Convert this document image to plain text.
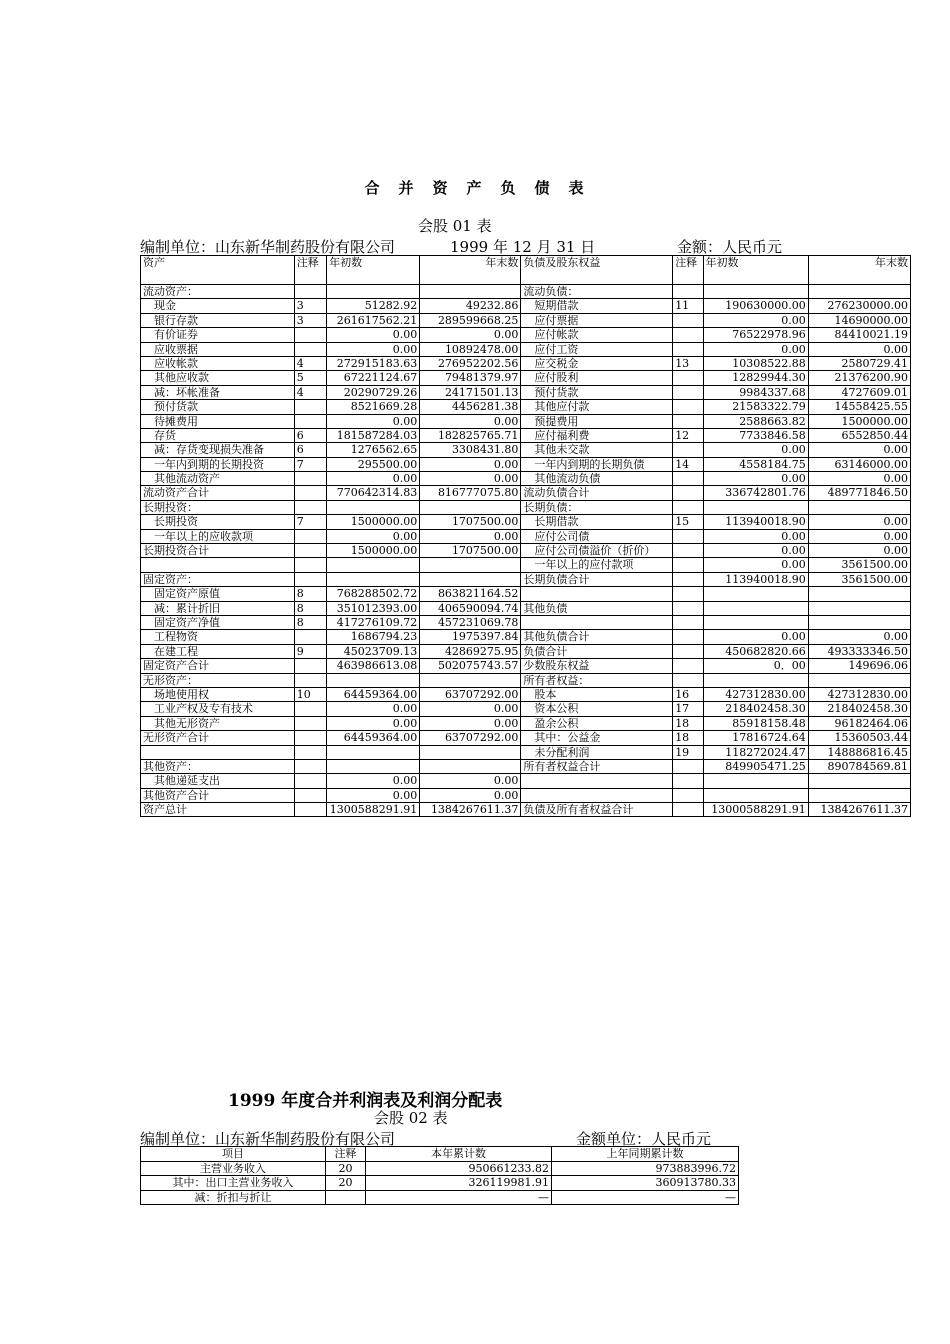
合　并　资　产　负　债　表
会股 01 表
编制单位：山东新华制药股份有限公司	1999 年 12 月 31 日	金额：人民币元
资产	注释	年初数	年末数	负债及股东权益	注释	年初数	年末数
流动资产：				流动负债：			
　现金	3	51282.92	49232.86	　短期借款	11	190630000.00	276230000.00
　银行存款	3	261617562.21	289599668.25	　应付票据		0.00	14690000.00
　有价证券		0.00	0.00	　应付帐款		76522978.96	84410021.19
　应收票据		0.00	10892478.00	　应付工资		0.00	0.00
　应收帐款	4	272915183.63	276952202.56	　应交税金	13	10308522.88	2580729.41
　其他应收款	5	67221124.67	79481379.97	　应付股利		12829944.30	21376200.90
　减：坏帐准备	4	20290729.26	24171501.13	　预付货款		9984337.68	4727609.01
　预付货款		8521669.28	4456281.38	　其他应付款		21583322.79	14558425.55
　待摊费用		0.00	0.00	　预提费用		2588663.82	1500000.00
　存货	6	181587284.03	182825765.71	　应付福利费	12	7733846.58	6552850.44
　减：存货变现损失准备	6	1276562.65	3308431.80	　其他未交款		0.00	0.00
　一年内到期的长期投资	7	295500.00	0.00	　一年内到期的长期负债	14	4558184.75	63146000.00
　其他流动资产		0.00	0.00	　其他流动负债		0.00	0.00
流动资产合计		770642314.83	816777075.80	流动负债合计		336742801.76	489771846.50
长期投资：				长期负债：			
　长期投资	7	1500000.00	1707500.00	　长期借款	15	113940018.90	0.00
　一年以上的应收款项		0.00	0.00	　应付公司债		0.00	0.00
长期投资合计		1500000.00	1707500.00	　应付公司债溢价（折价）		0.00	0.00
				　一年以上的应付款项		0.00	3561500.00
固定资产：				长期负债合计		113940018.90	3561500.00
　固定资产原值	8	768288502.72	863821164.52				
　减：累计折旧	8	351012393.00	406590094.74	其他负债			
　固定资产净值	8	417276109.72	457231069.78				
　工程物资		1686794.23	1975397.84	其他负债合计		0.00	0.00
　在建工程	9	45023709.13	42869275.95	负债合计		450682820.66	493333346.50
固定资产合计		463986613.08	502075743.57	少数股东权益		0．00	149696.06
无形资产：				所有者权益：			
　场地使用权	10	64459364.00	63707292.00	　股本	16	427312830.00	427312830.00
　工业产权及专有技术		0.00	0.00	　资本公积	17	218402458.30	218402458.30
　其他无形资产		0.00	0.00	　盈余公积	18	85918158.48	96182464.06
无形资产合计		64459364.00	63707292.00	　其中：公益金	18	17816724.64	15360503.44
				　未分配利润	19	118272024.47	148886816.45
其他资产：				所有者权益合计		849905471.25	890784569.81
　其他递延支出		0.00	0.00				
其他资产合计		0.00	0.00				
资产总计		1300588291.91	1384267611.37	负债及所有者权益合计		13000588291.91	1384267611.37
1999 年度合并利润表及利润分配表
会股 02 表
编制单位：山东新华制药股份有限公司	金额单位：人民币元
项目	注释	本年累计数	上年同期累计数
主营业务收入	20	950661233.82	973883996.72
其中：出口主营业务收入	20	326119981.91	360913780.33
减：折扣与折让		—	—
